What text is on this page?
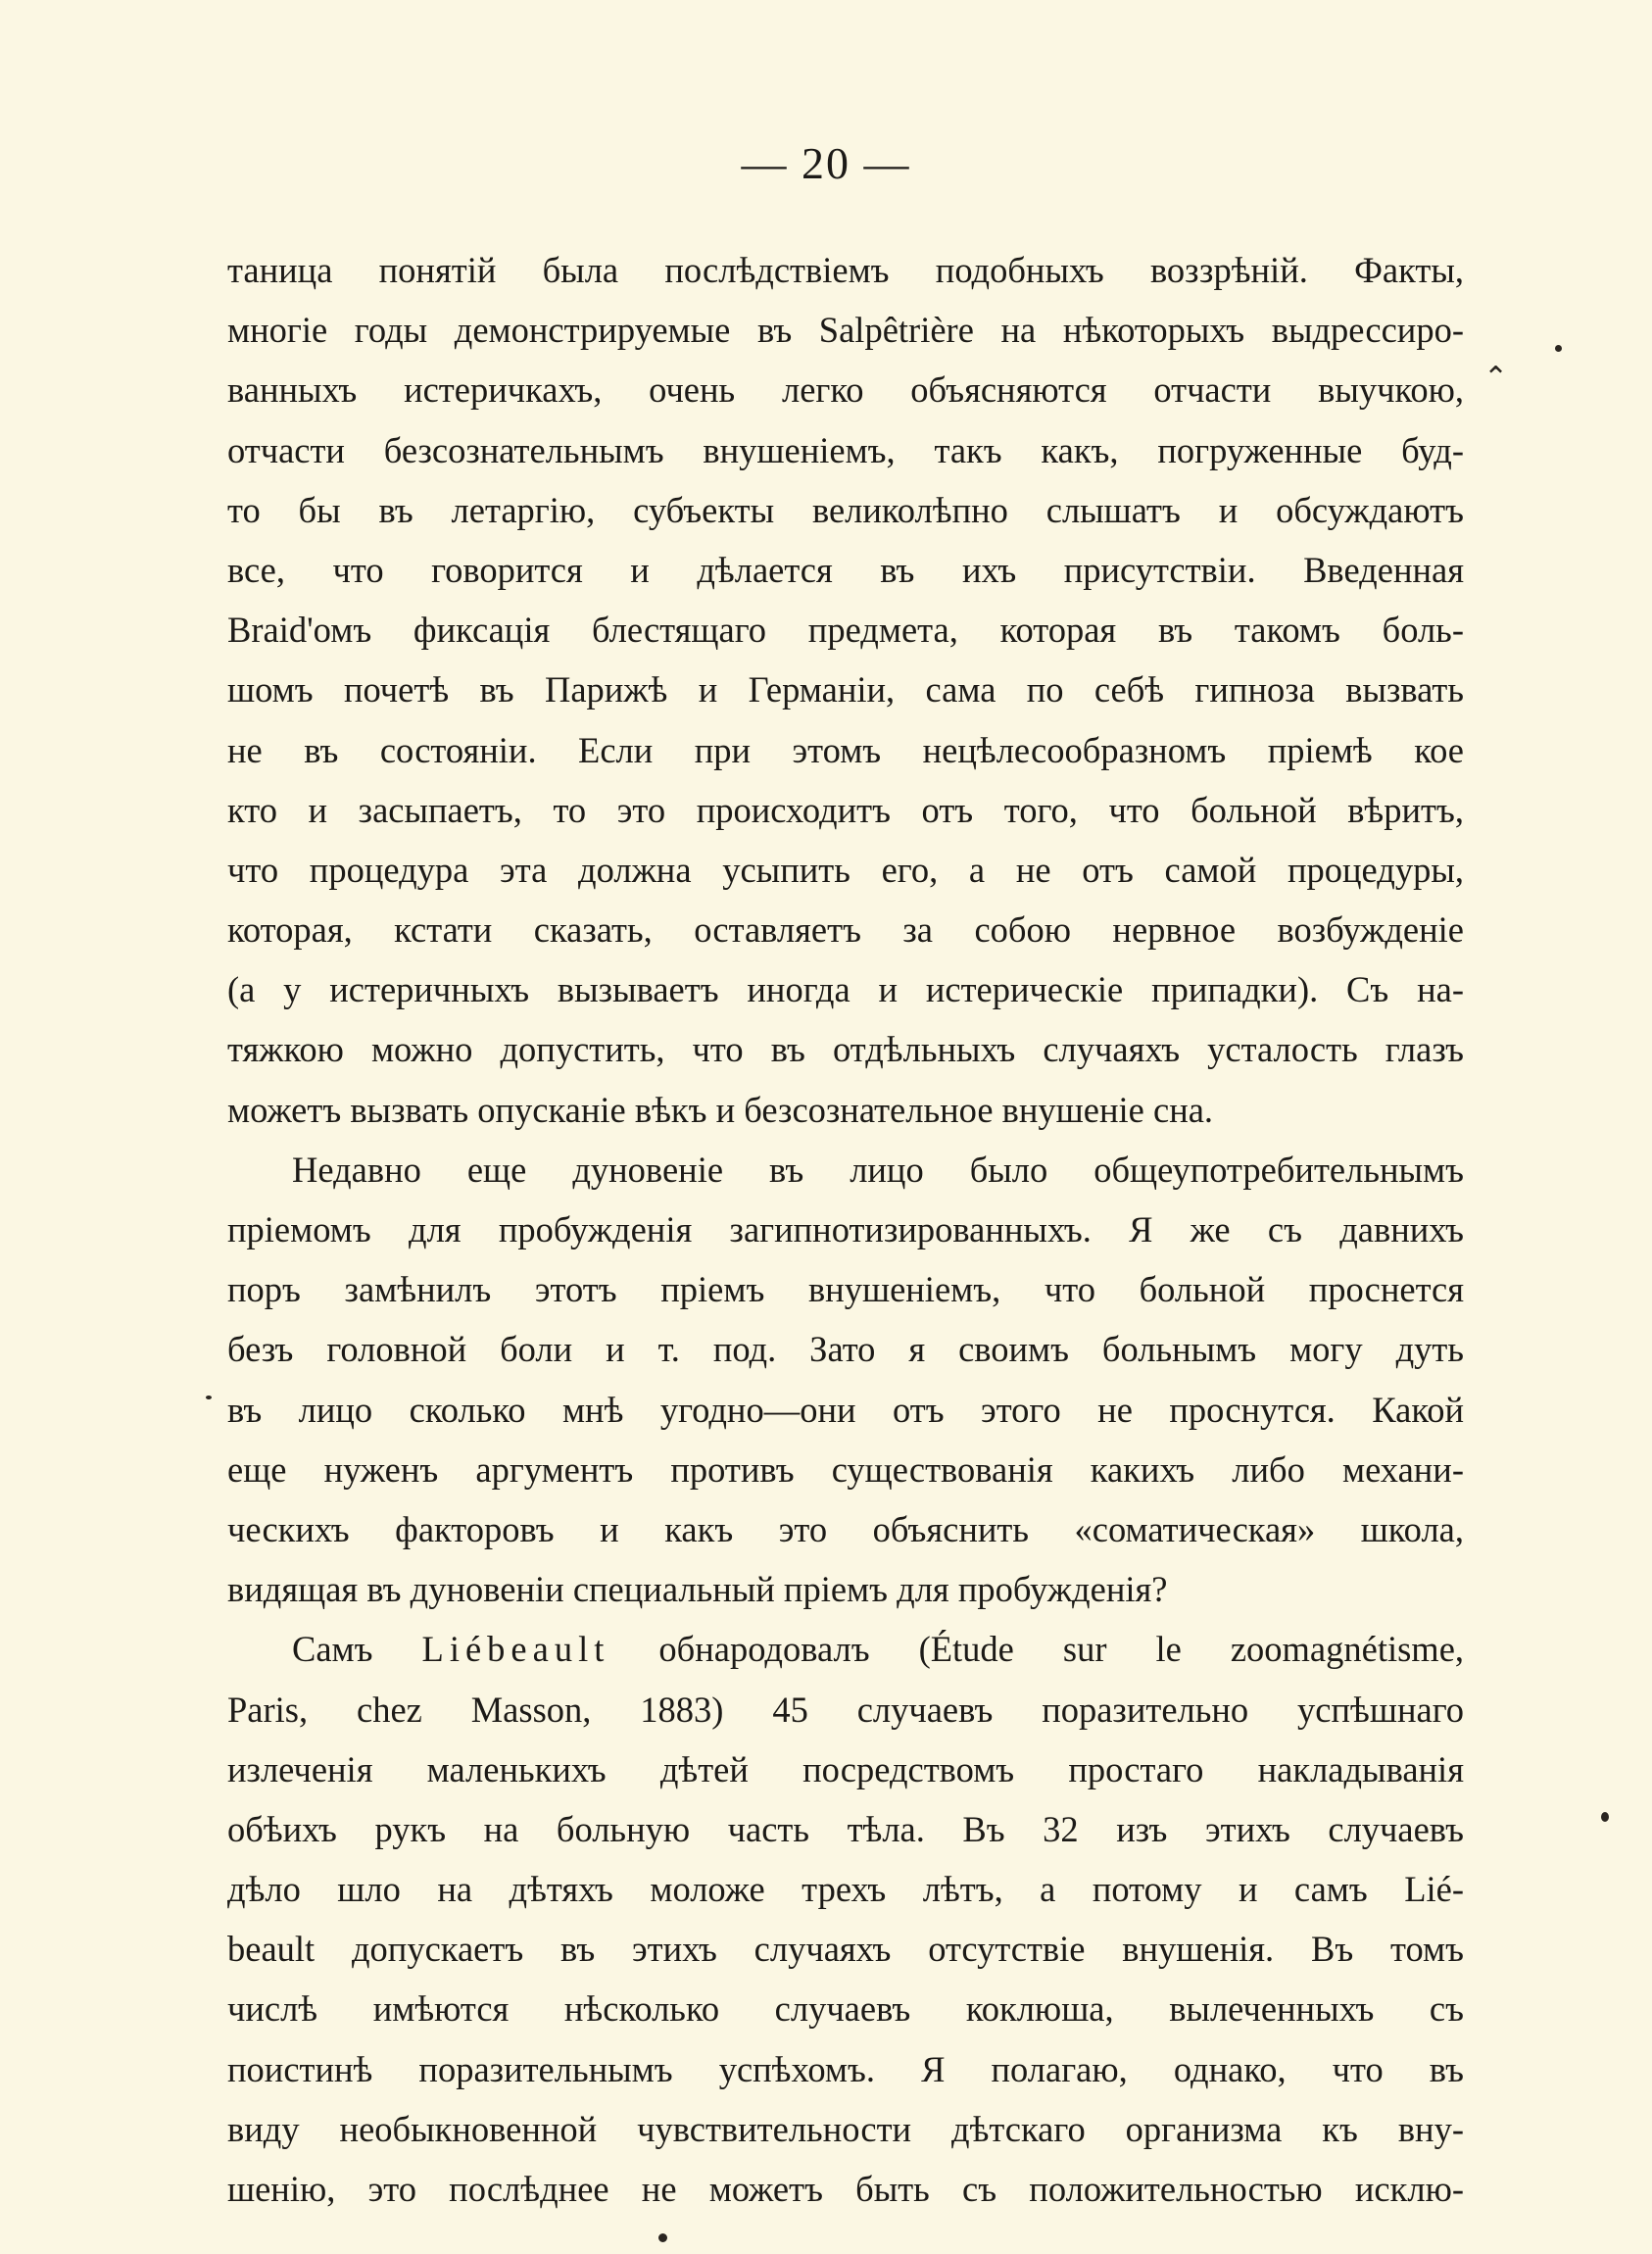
— 20 —
таница понятій была послѣдствіемъ подобныхъ воззрѣній. Факты,
многіе годы демонстрируемые въ Salpêtrière на нѣкоторыхъ выдрессиро-
ванныхъ истеричкахъ, очень легко объясняются отчасти выучкою,
отчасти безсознательнымъ внушеніемъ, такъ какъ, погруженные буд-
то бы въ летаргію, субъекты великолѣпно слышатъ и обсуждаютъ
все, что говорится и дѣлается въ ихъ присутствіи. Введенная
Braid'омъ фиксація блестящаго предмета, которая въ такомъ боль-
шомъ почетѣ въ Парижѣ и Германіи, сама по себѣ гипноза вызвать
не въ состояніи. Если при этомъ нецѣлесообразномъ пріемѣ кое
кто и засыпаетъ, то это происходитъ отъ того, что больной вѣритъ,
что процедура эта должна усыпить его, а не отъ самой процедуры,
которая, кстати сказать, оставляетъ за собою нервное возбужденіе
(а у истеричныхъ вызываетъ иногда и истерическіе припадки). Съ на-
тяжкою можно допустить, что въ отдѣльныхъ случаяхъ усталость глазъ
можетъ вызвать опусканіе вѣкъ и безсознательное внушеніе сна.
Недавно еще дуновеніе въ лицо было общеупотребительнымъ
пріемомъ для пробужденія загипнотизированныхъ. Я же съ давнихъ
поръ замѣнилъ этотъ пріемъ внушеніемъ, что больной проснется
безъ головной боли и т. под. Зато я своимъ больнымъ могу дуть
въ лицо сколько мнѣ угодно—они отъ этого не проснутся. Какой
еще нуженъ аргументъ противъ существованія какихъ либо механи-
ческихъ факторовъ и какъ это объяснить «соматическая» школа,
видящая въ дуновеніи специальный пріемъ для пробужденія?
Самъ Liébeault обнародовалъ (Étude sur le zoomagnétisme,
Paris, chez Masson, 1883) 45 случаевъ поразительно успѣшнаго
излеченія маленькихъ дѣтей посредствомъ простаго накладыванія
обѣихъ рукъ на больную часть тѣла. Въ 32 изъ этихъ случаевъ
дѣло шло на дѣтяхъ моложе трехъ лѣтъ, а потому и самъ Lié-
beault допускаетъ въ этихъ случаяхъ отсутствіе внушенія. Въ томъ
числѣ имѣются нѣсколько случаевъ коклюша, вылеченныхъ съ
поистинѣ поразительнымъ успѣхомъ. Я полагаю, однако, что въ
виду необыкновенной чувствительности дѣтскаго организма къ вну-
шенію, это послѣднее не можетъ быть съ положительностью исклю-
⌃
